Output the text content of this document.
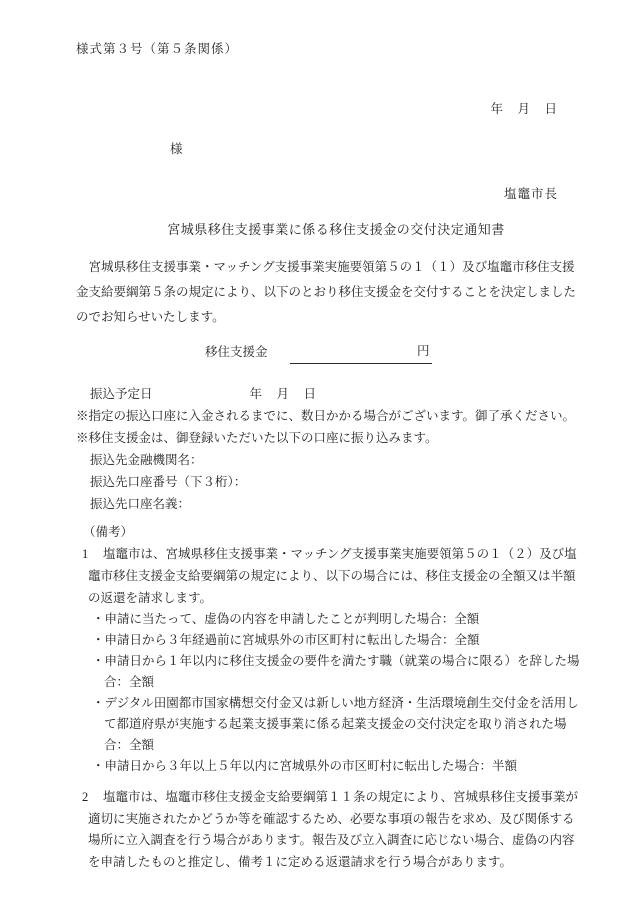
様式第３号（第５条関係）
年　月　日
様
塩竈市長
宮城県移住支援事業に係る移住支援金の交付決定通知書
　宮城県移住支援事業・マッチング支援事業実施要領第５の１（１）及び塩竈市移住支援
金支給要綱第５条の規定により、以下のとおり移住支援金を交付することを決定しました
のでお知らせいたします。
移住支援金	円
振込予定日	年　月　日
※指定の振込口座に入金されるまでに、数日かかる場合がございます。御了承ください。
※移住支援金は、御登録いただいた以下の口座に振り込みます。
振込先金融機関名：
振込先口座番号（下３桁）：
振込先口座名義：
（備考）
1 塩竈市は、宮城県移住支援事業・マッチング支援事業実施要領第５の１（２）及び塩
竈市移住支援金支給要綱第の規定により、以下の場合には、移住支援金の全額又は半額
の返還を請求します。
・申請に当たって、虚偽の内容を申請したことが判明した場合：全額
・申請日から３年経過前に宮城県外の市区町村に転出した場合：全額
・申請日から１年以内に移住支援金の要件を満たす職（就業の場合に限る）を辞した場
合：全額
・デジタル田園都市国家構想交付金又は新しい地方経済・生活環境創生交付金を活用し
て都道府県が実施する起業支援事業に係る起業支援金の交付決定を取り消された場
合：全額
・申請日から３年以上５年以内に宮城県外の市区町村に転出した場合：半額
2 塩竈市は、塩竈市移住支援金支給要綱第１１条の規定により、宮城県移住支援事業が
適切に実施されたかどうか等を確認するため、必要な事項の報告を求め、及び関係する
場所に立入調査を行う場合があります。報告及び立入調査に応じない場合、虚偽の内容
を申請したものと推定し、備考１に定める返還請求を行う場合があります。
